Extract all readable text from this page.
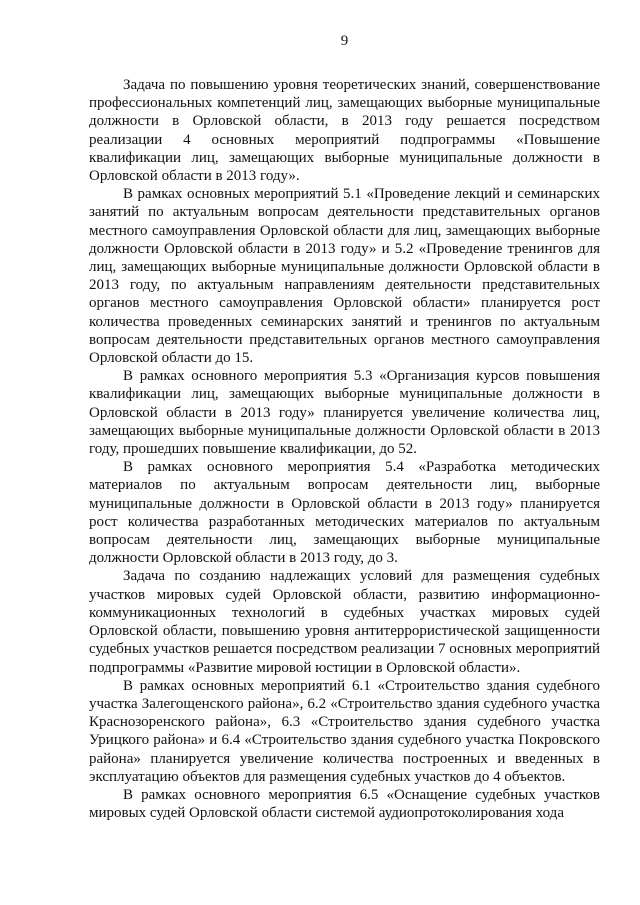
9

Задача по повышению уровня теоретических знаний, совершенствование профессиональных компетенций лиц, замещающих выборные муниципальные должности в Орловской области, в 2013 году решается посредством реализации 4 основных мероприятий подпрограммы «Повышение квалификации лиц, замещающих выборные муниципальные должности в Орловской области в 2013 году».

В рамках основных мероприятий 5.1 «Проведение лекций и семинарских занятий по актуальным вопросам деятельности представительных органов местного самоуправления Орловской области для лиц, замещающих выборные должности Орловской области в 2013 году» и 5.2 «Проведение тренингов для лиц, замещающих выборные муниципальные должности Орловской области в 2013 году, по актуальным направлениям деятельности представительных органов местного самоуправления Орловской области» планируется рост количества проведенных семинарских занятий и тренингов по актуальным вопросам деятельности представительных органов местного самоуправления Орловской области до 15.

В рамках основного мероприятия 5.3 «Организация курсов повышения квалификации лиц, замещающих выборные муниципальные должности в Орловской области в 2013 году» планируется увеличение количества лиц, замещающих выборные муниципальные должности Орловской области в 2013 году, прошедших повышение квалификации, до 52.

В рамках основного мероприятия 5.4 «Разработка методических материалов по актуальным вопросам деятельности лиц, выборные муниципальные должности в Орловской области в 2013 году» планируется рост количества разработанных методических материалов по актуальным вопросам деятельности лиц, замещающих выборные муниципальные должности Орловской области в 2013 году, до 3.

Задача по созданию надлежащих условий для размещения судебных участков мировых судей Орловской области, развитию информационно-коммуникационных технологий в судебных участках мировых судей Орловской области, повышению уровня антитеррористической защищенности судебных участков решается посредством реализации 7 основных мероприятий подпрограммы «Развитие мировой юстиции в Орловской области».

В рамках основных мероприятий 6.1 «Строительство здания судебного участка Залегощенского района», 6.2 «Строительство здания судебного участка Краснозоренского района», 6.3 «Строительство здания судебного участка Урицкого района» и 6.4 «Строительство здания судебного участка Покровского района» планируется увеличение количества построенных и введенных в эксплуатацию объектов для размещения судебных участков до 4 объектов.

В рамках основного мероприятия 6.5 «Оснащение судебных участков мировых судей Орловской области системой аудиопротоколирования хода
